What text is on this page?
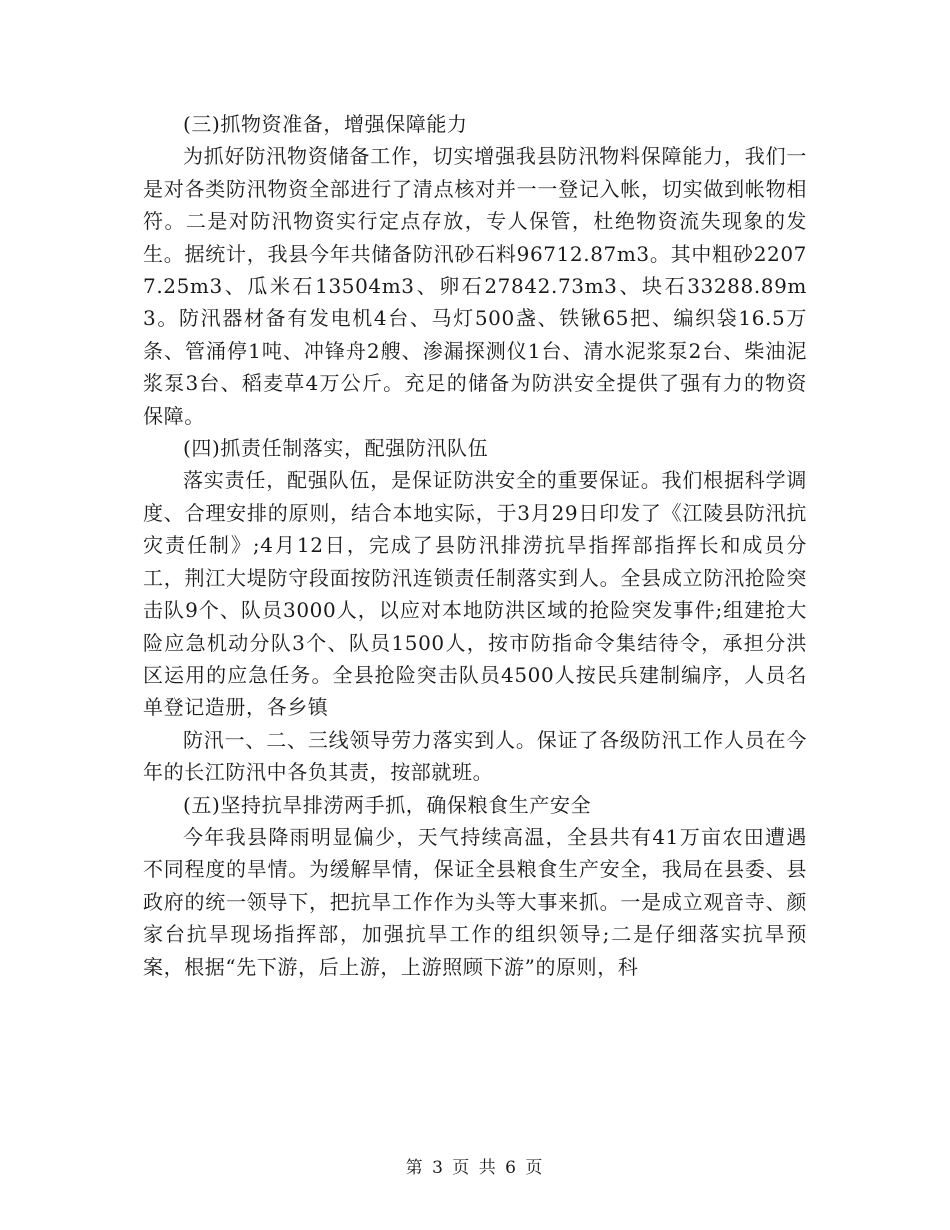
(三)抓物资准备，增强保障能力

为抓好防汛物资储备工作，切实增强我县防汛物料保障能力，我们一是对各类防汛物资全部进行了清点核对并一一登记入帐，切实做到帐物相符。二是对防汛物资实行定点存放，专人保管，杜绝物资流失现象的发生。据统计，我县今年共储备防汛砂石料96712.87m3。其中粗砂22077.25m3、瓜米石13504m3、卵石27842.73m3、块石33288.89m3。防汛器材备有发电机4台、马灯500盏、铁锹65把、编织袋16.5万条、管涌停1吨、冲锋舟2艘、渗漏探测仪1台、清水泥浆泵2台、柴油泥浆泵3台、稻麦草4万公斤。充足的储备为防洪安全提供了强有力的物资保障。

(四)抓责任制落实，配强防汛队伍

落实责任，配强队伍，是保证防洪安全的重要保证。我们根据科学调度、合理安排的原则，结合本地实际，于3月29日印发了《江陵县防汛抗灾责任制》;4月12日，完成了县防汛排涝抗旱指挥部指挥长和成员分工，荆江大堤防守段面按防汛连锁责任制落实到人。全县成立防汛抢险突击队9个、队员3000人，以应对本地防洪区域的抢险突发事件;组建抢大险应急机动分队3个、队员1500人，按市防指命令集结待令，承担分洪区运用的应急任务。全县抢险突击队员4500人按民兵建制编序，人员名单登记造册，各乡镇

防汛一、二、三线领导劳力落实到人。保证了各级防汛工作人员在今年的长江防汛中各负其责，按部就班。

(五)坚持抗旱排涝两手抓，确保粮食生产安全

今年我县降雨明显偏少，天气持续高温，全县共有41万亩农田遭遇不同程度的旱情。为缓解旱情，保证全县粮食生产安全，我局在县委、县政府的统一领导下，把抗旱工作作为头等大事来抓。一是成立观音寺、颜家台抗旱现场指挥部，加强抗旱工作的组织领导;二是仔细落实抗旱预案，根据“先下游，后上游，上游照顾下游”的原则，科

第 3 页 共 6 页
